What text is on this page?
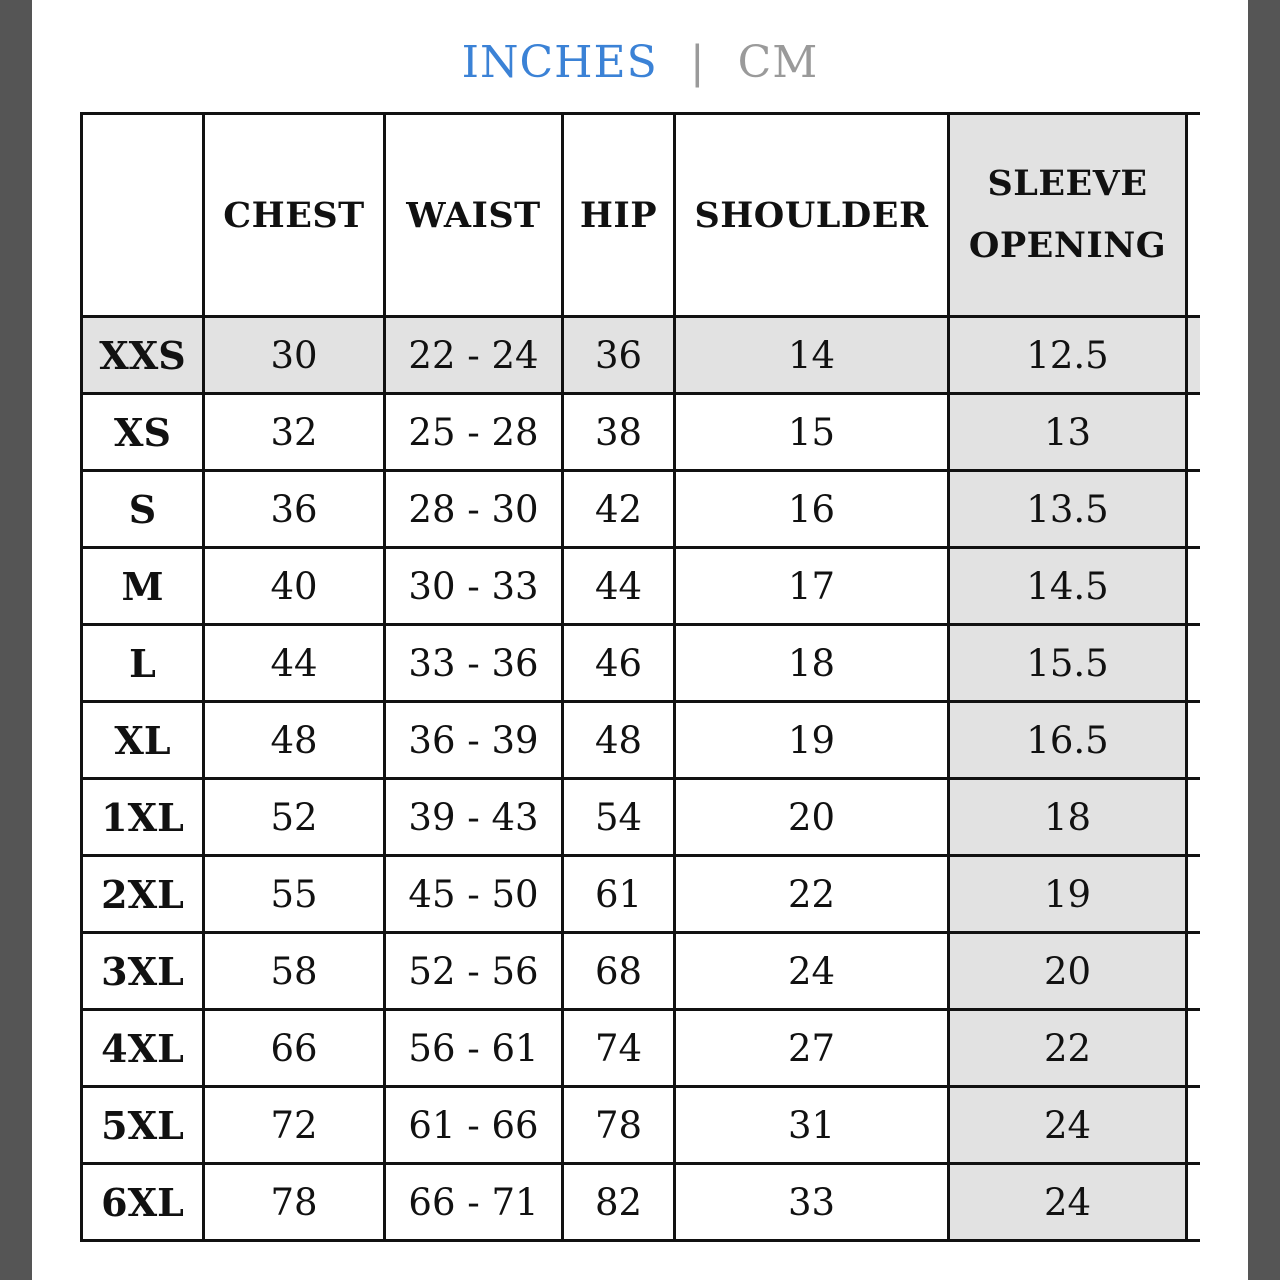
INCHES | CM
	CHEST	WAIST	HIP	SHOULDER	SLEEVE
OPENING	
XXS	30	22 - 24	36	14	12.5	
XS	32	25 - 28	38	15	13	
S	36	28 - 30	42	16	13.5	
M	40	30 - 33	44	17	14.5	
L	44	33 - 36	46	18	15.5	
XL	48	36 - 39	48	19	16.5	
1XL	52	39 - 43	54	20	18	
2XL	55	45 - 50	61	22	19	
3XL	58	52 - 56	68	24	20	
4XL	66	56 - 61	74	27	22	
5XL	72	61 - 66	78	31	24	
6XL	78	66 - 71	82	33	24	
